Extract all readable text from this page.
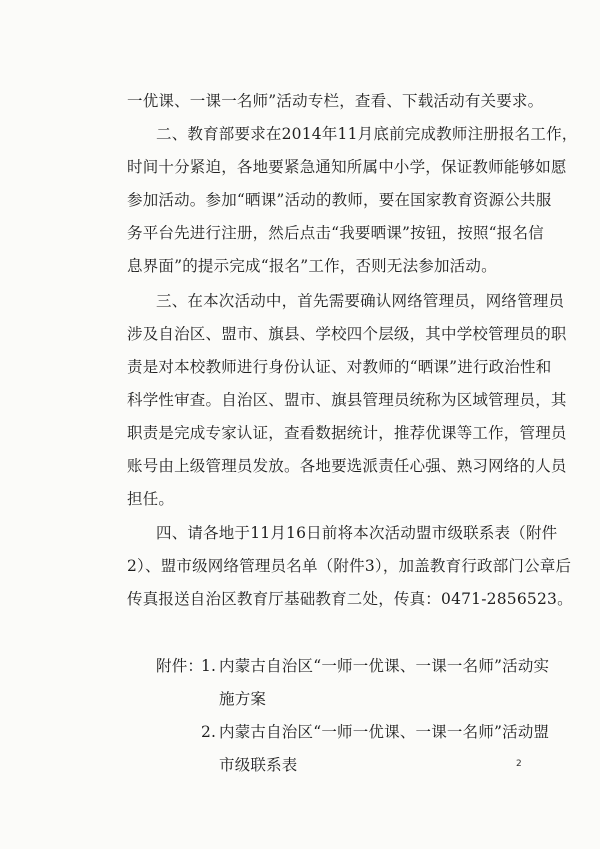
一优课、一课一名师”活动专栏，查看、下载活动有关要求。
二、教育部要求在2014年11月底前完成教师注册报名工作，
时间十分紧迫，各地要紧急通知所属中小学，保证教师能够如愿
参加活动。参加“晒课”活动的教师，要在国家教育资源公共服
务平台先进行注册，然后点击“我要晒课”按钮，按照“报名信
息界面”的提示完成“报名”工作，否则无法参加活动。
三、在本次活动中，首先需要确认网络管理员，网络管理员
涉及自治区、盟市、旗县、学校四个层级，其中学校管理员的职
责是对本校教师进行身份认证、对教师的“晒课”进行政治性和
科学性审查。自治区、盟市、旗县管理员统称为区域管理员，其
职责是完成专家认证，查看数据统计，推荐优课等工作，管理员
账号由上级管理员发放。各地要选派责任心强、熟习网络的人员
担任。
四、请各地于11月16日前将本次活动盟市级联系表（附件
2）、盟市级网络管理员名单（附件3），加盖教育行政部门公章后
传真报送自治区教育厅基础教育二处，传真：0471-2856523。
附件：
1. 内蒙古自治区“一师一优课、一课一名师”活动实
施方案
2. 内蒙古自治区“一师一优课、一课一名师”活动盟
市级联系表	2
